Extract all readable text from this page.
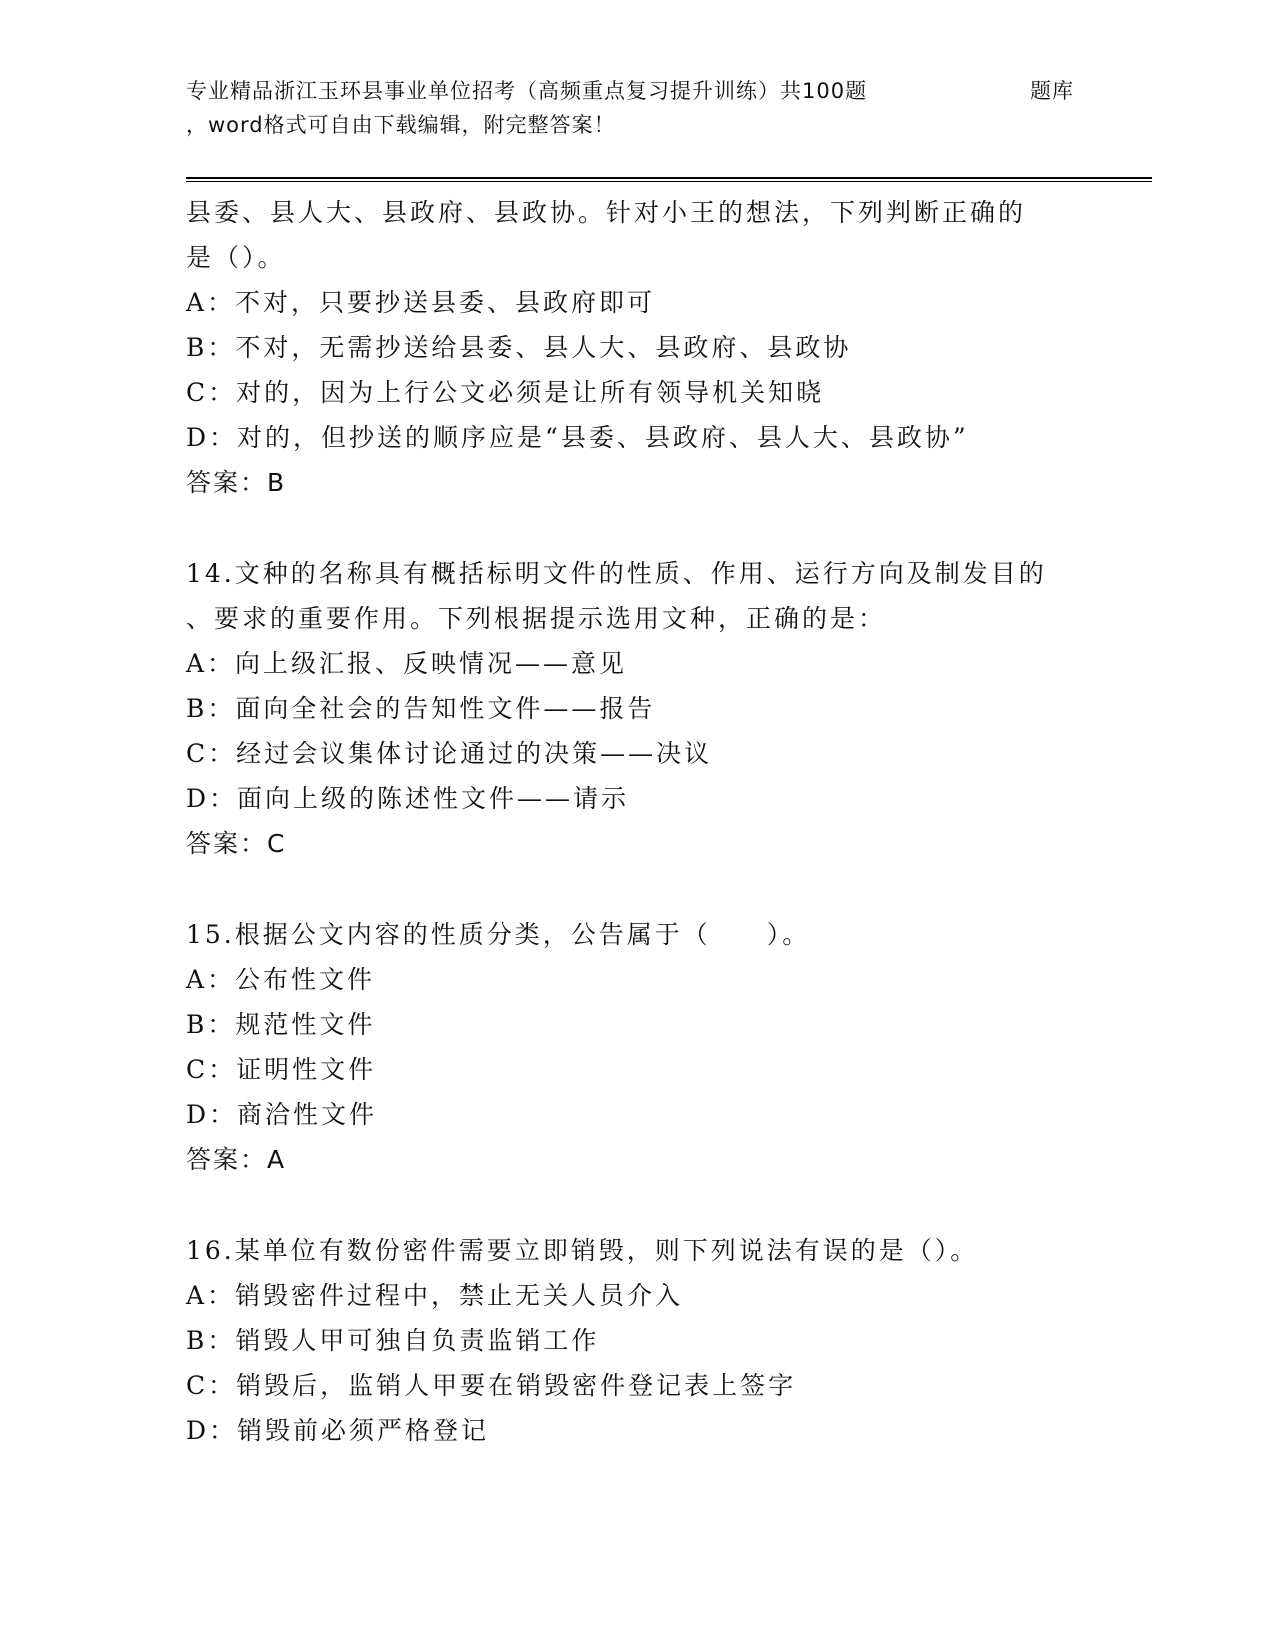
专业精品浙江玉环县事业单位招考（高频重点复习提升训练）共100题	题库
，word格式可自由下载编辑，附完整答案！
县委、县人大、县政府、县政协。针对小王的想法，下列判断正确的
是（）。
A：不对，只要抄送县委、县政府即可
B：不对，无需抄送给县委、县人大、县政府、县政协
C：对的，因为上行公文必须是让所有领导机关知晓
D：对的，但抄送的顺序应是“县委、县政府、县人大、县政协”
答案：B
14.文种的名称具有概括标明文件的性质、作用、运行方向及制发目的
、要求的重要作用。下列根据提示选用文种，正确的是：
A：向上级汇报、反映情况——意见
B：面向全社会的告知性文件——报告
C：经过会议集体讨论通过的决策——决议
D：面向上级的陈述性文件——请示
答案：C
15.根据公文内容的性质分类，公告属于（　　）。
A：公布性文件
B：规范性文件
C：证明性文件
D：商洽性文件
答案：A
16.某单位有数份密件需要立即销毁，则下列说法有误的是（）。
A：销毁密件过程中，禁止无关人员介入
B：销毁人甲可独自负责监销工作
C：销毁后，监销人甲要在销毁密件登记表上签字
D：销毁前必须严格登记
